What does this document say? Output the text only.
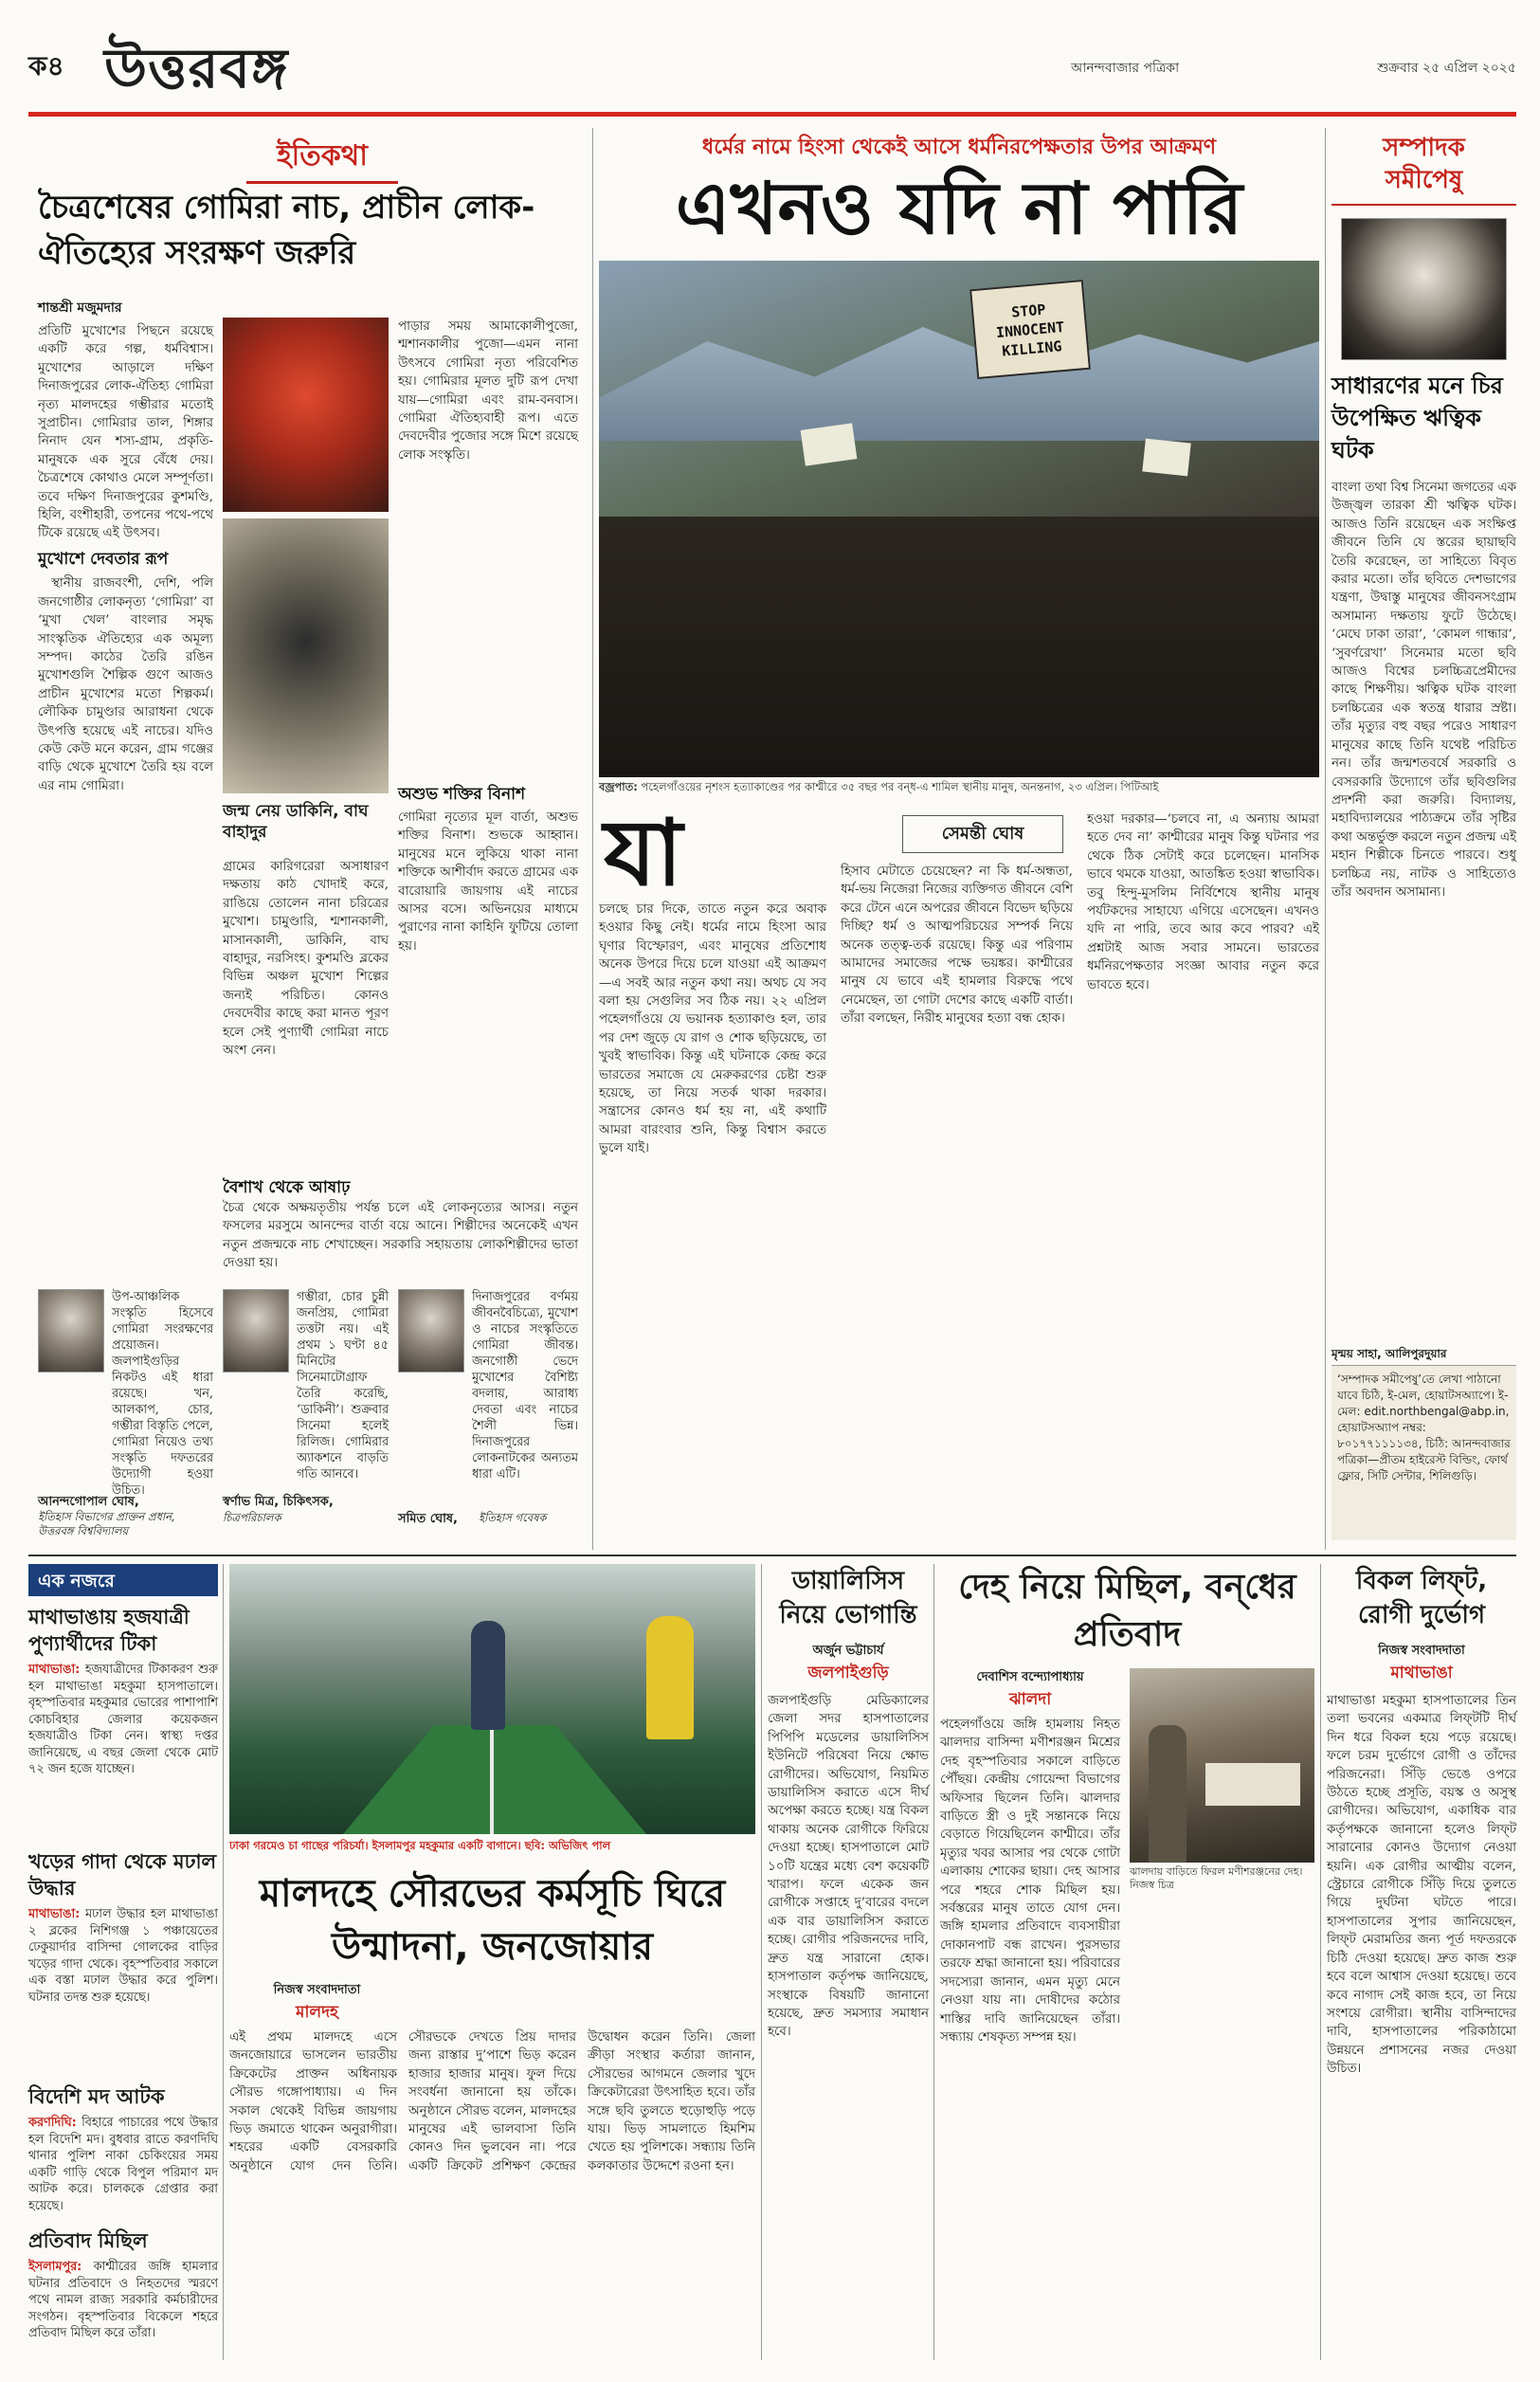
ক৪ উত্তরবঙ্গ	আনন্দবাজার পত্রিকা	শুক্রবার ২৫ এপ্রিল ২০২৫
ইতিকথা
চৈত্রশেষের গোমিরা নাচ, প্রাচীন লোক-ঐতিহ্যের সংরক্ষণ জরুরি
শান্তশ্রী মজুমদার

প্রতিটি মুখোশের পিছনে রয়েছে একটি করে গল্প, ধর্মবিশ্বাস। মুখোশের আড়ালে দক্ষিণ দিনাজপুরের লোক-ঐতিহ্য গোমিরা নৃত্য মালদহের গম্ভীরার মতোই সুপ্রাচীন। গোমিরার তাল, শিঙ্গার নিনাদ যেন শস্য-গ্রাম, প্রকৃতি-মানুষকে এক সুরে বেঁধে দেয়। চৈত্রশেষে কোথাও মেলে সম্পূর্ণতা। তবে দক্ষিণ দিনাজপুরের কুশমণ্ডি, হিলি, বংশীহারী, তপনের পথে-পথে টিকে রয়েছে এই উৎসব।

মুখোশে দেবতার রূপ

স্থানীয় রাজবংশী, দেশি, পলি জনগোষ্ঠীর লোকনৃত্য ‘গোমিরা’ বা ‘মুখা খেল’ বাংলার সমৃদ্ধ সাংস্কৃতিক ঐতিহ্যের এক অমূল্য সম্পদ। কাঠের তৈরি রঙিন মুখোশগুলি শৈল্পিক গুণে আজও প্রাচীন মুখোশের মতো শিল্পকর্ম। লৌকিক চামুণ্ডার আরাধনা থেকে উৎপত্তি হয়েছে এই নাচের। যদিও কেউ কেউ মনে করেন, গ্রাম গঞ্জের বাড়ি থেকে মুখোশে তৈরি হয় বলে এর নাম গোমিরা।

জন্ম নেয় ডাকিনি, বাঘ বাহাদুর

পাড়ার সময় আমাকোলীপুজো, শ্মশানকালীর পুজো—এমন নানা উৎসবে গোমিরা নৃত্য পরিবেশিত হয়। গোমিরার মূলত দুটি রূপ দেখা যায়—গোমিরা এবং রাম-বনবাস। গোমিরা ঐতিহ্যবাহী রূপ। এতে দেবদেবীর পুজোর সঙ্গে মিশে রয়েছে লোক সংস্কৃতি।

অশুভ শক্তির বিনাশ

গোমিরা নৃত্যের মূল বার্তা, অশুভ শক্তির বিনাশ। শুভকে আহ্বান। মানুষের মনে লুকিয়ে থাকা নানা শক্তিকে আশীর্বাদ করতে গ্রামের এক বারোয়ারি জায়গায় এই নাচের আসর বসে। অভিনয়ের মাধ্যমে পুরাণের নানা কাহিনি ফুটিয়ে তোলা হয়।

গ্রামের কারিগরেরা অসাধারণ দক্ষতায় কাঠ খোদাই করে, রাঙিয়ে তোলেন নানা চরিত্রের মুখোশ। চামুণ্ডারি, শ্মশানকালী, মাসানকালী, ডাকিনি, বাঘ বাহাদুর, নরসিংহ। কুশমণ্ডি ব্লকের বিভিন্ন অঞ্চল মুখোশ শিল্পের জন্যই পরিচিত। কোনও দেবদেবীর কাছে করা মানত পূরণ হলে সেই পুণ্যার্থী গোমিরা নাচে অংশ নেন।

বৈশাখ থেকে আষাঢ়

চৈত্র থেকে অক্ষয়তৃতীয় পর্যন্ত চলে এই লোকনৃত্যের আসর। নতুন ফসলের মরসুমে আনন্দের বার্তা বয়ে আনে। শিল্পীদের অনেকেই এখন নতুন প্রজন্মকে নাচ শেখাচ্ছেন। সরকারি সহায়তায় লোকশিল্পীদের ভাতা দেওয়া হয়।

উপ-আঞ্চলিক সংস্কৃতি হিসেবে গোমিরা সংরক্ষণের প্রয়োজন। জলপাইগুড়ির নিকটও এই ধারা রয়েছে। খন, আলকাপ, চোর, গম্ভীরা বিস্তৃতি পেলে, গোমিরা নিয়েও তথ্য সংস্কৃতি দফতরের উদ্যোগী হওয়া উচিত।
আনন্দগোপাল ঘোষ,
ইতিহাস বিভাগের প্রাক্তন প্রধান, উত্তরবঙ্গ বিশ্ববিদ্যালয়
গম্ভীরা, চোর চুন্নী জনপ্রিয়, গোমিরা তত্তটা নয়। এই প্রথম ১ ঘণ্টা ৪৫ মিনিটের সিনেমাটোগ্রাফ তৈরি করেছি, ‘ডাকিনী’। শুক্রবার সিনেমা হলেই রিলিজ। গোমিরার অ্যাকশনে বাড়তি গতি আনবে।
স্বর্ণাভ মিত্র, চিকিৎসক,
চিত্রপরিচালক
দিনাজপুরের বর্ণময় জীবনবৈচিত্র্যে, মুখোশ ও নাচের সংস্কৃতিতে গোমিরা জীবন্ত। জনগোষ্ঠী ভেদে মুখোশের বৈশিষ্ট্য বদলায়, আরাধ্য দেবতা এবং নাচের শৈলী ভিন্ন। দিনাজপুরের লোকনাটকের অন্যতম ধারা এটি।
সমিত ঘোষ, ইতিহাস গবেষক
ধর্মের নামে হিংসা থেকেই আসে ধর্মনিরপেক্ষতার উপর আক্রমণ
এখনও যদি না পারি
STOP INNOCENT KILLING
বজ্রপাত: পহেলগাঁওয়ের নৃশংস হত্যাকাণ্ডের পর কাশ্মীরে ৩৫ বছর পর বন্‌ধ-এ শামিল স্থানীয় মানুষ, অনন্তনাগ, ২৩ এপ্রিল। পিটিআই
যা	সেমন্তী ঘোষ

চলছে চার দিকে, তাতে নতুন করে অবাক হওয়ার কিছু নেই। ধর্মের নামে হিংসা আর ঘৃণার বিস্ফোরণ, এবং মানুষের প্রতিশোধ অনেক উপরে দিয়ে চলে যাওয়া এই আক্রমণ—এ সবই আর নতুন কথা নয়। অথচ যে সব বলা হয় সেগুলির সব ঠিক নয়। ২২ এপ্রিল পহেলগাঁওয়ে যে ভয়ানক হত্যাকাণ্ড হল, তার পর দেশ জুড়ে যে রাগ ও শোক ছড়িয়েছে, তা খুবই স্বাভাবিক। কিন্তু এই ঘটনাকে কেন্দ্র করে ভারতের সমাজে যে মেরুকরণের চেষ্টা শুরু হয়েছে, তা নিয়ে সতর্ক থাকা দরকার। সন্ত্রাসের কোনও ধর্ম হয় না, এই কথাটি আমরা বারংবার শুনি, কিন্তু বিশ্বাস করতে ভুলে যাই।

হিসাব মেটাতে চেয়েছেন? না কি ধর্ম-অন্ধতা, ধর্ম-ভয় নিজেরা নিজের ব্যক্তিগত জীবনে বেশি করে টেনে এনে অপরের জীবনে বিভেদ ছড়িয়ে দিচ্ছি? ধর্ম ও আত্মপরিচয়ের সম্পর্ক নিয়ে অনেক তত্ত্ব-তর্ক রয়েছে। কিন্তু এর পরিণাম আমাদের সমাজের পক্ষে ভয়ঙ্কর। কাশ্মীরের মানুষ যে ভাবে এই হামলার বিরুদ্ধে পথে নেমেছেন, তা গোটা দেশের কাছে একটি বার্তা। তাঁরা বলছেন, নিরীহ মানুষের হত্যা বন্ধ হোক।

হওয়া দরকার—‘চলবে না, এ অন্যায় আমরা হতে দেব না’ কাশ্মীরের মানুষ কিন্তু ঘটনার পর থেকে ঠিক সেটাই করে চলেছেন। মানসিক ভাবে থমকে যাওয়া, আতঙ্কিত হওয়া স্বাভাবিক। তবু হিন্দু-মুসলিম নির্বিশেষে স্থানীয় মানুষ পর্যটকদের সাহায্যে এগিয়ে এসেছেন। এখনও যদি না পারি, তবে আর কবে পারব? এই প্রশ্নটাই আজ সবার সামনে। ভারতের ধর্মনিরপেক্ষতার সংজ্ঞা আবার নতুন করে ভাবতে হবে।

সম্পাদক
সমীপেষু
সাধারণের মনে চির উপেক্ষিত ঋত্বিক ঘটক

বাংলা তথা বিশ্ব সিনেমা জগতের এক উজ্জ্বল তারকা শ্রী ঋত্বিক ঘটক। আজও তিনি রয়েছেন এক সংক্ষিপ্ত জীবনে তিনি যে স্তরের ছায়াছবি তৈরি করেছেন, তা সাহিত্যে বিবৃত করার মতো। তাঁর ছবিতে দেশভাগের যন্ত্রণা, উদ্বাস্তু মানুষের জীবনসংগ্রাম অসামান্য দক্ষতায় ফুটে উঠেছে। ‘মেঘে ঢাকা তারা’, ‘কোমল গান্ধার’, ‘সুবর্ণরেখা’ সিনেমার মতো ছবি আজও বিশ্বের চলচ্চিত্রপ্রেমীদের কাছে শিক্ষণীয়। ঋত্বিক ঘটক বাংলা চলচ্চিত্রের এক স্বতন্ত্র ধারার স্রষ্টা। তাঁর মৃত্যুর বহু বছর পরেও সাধারণ মানুষের কাছে তিনি যথেষ্ট পরিচিত নন। তাঁর জন্মশতবর্ষে সরকারি ও বেসরকারি উদ্যোগে তাঁর ছবিগুলির প্রদর্শনী করা জরুরি। বিদ্যালয়, মহাবিদ্যালয়ের পাঠ্যক্রমে তাঁর সৃষ্টির কথা অন্তর্ভুক্ত করলে নতুন প্রজন্ম এই মহান শিল্পীকে চিনতে পারবে। শুধু চলচ্চিত্র নয়, নাটক ও সাহিত্যেও তাঁর অবদান অসামান্য।

মৃন্ময় সাহা, আলিপুরদুয়ার
‘সম্পাদক সমীপেষু’তে লেখা পাঠানো যাবে চিঠি, ই-মেল, হোয়াটসঅ্যাপে। ই-মেল: edit.northbengal@abp.in, হোয়াটসঅ্যাপ নম্বর: ৮০১৭৭১১১১৩৪, চিঠি: আনন্দবাজার পত্রিকা—প্রীতম হাইরেস্ট বিল্ডিং, ফোর্থ ফ্লোর, সিটি সেন্টার, শিলিগুড়ি।
এক নজরে
মাথাভাঙায় হজযাত্রী পুণ্যার্থীদের টিকা
মাথাভাঙা: হজযাত্রীদের টিকাকরণ শুরু হল মাথাভাঙা মহকুমা হাসপাতালে। বৃহস্পতিবার মহকুমার ভোরের পাশাপাশি কোচবিহার জেলার কয়েকজন হজযাত্রীও টিকা নেন। স্বাস্থ্য দপ্তর জানিয়েছে, এ বছর জেলা থেকে মোট ৭২ জন হজে যাচ্ছেন।
খড়ের গাদা থেকে মঢাল উদ্ধার
মাথাভাঙা: মঢাল উদ্ধার হল মাথাভাঙা ২ ব্লকের নিশিগঞ্জ ১ পঞ্চায়েতের ঢেকুয়ার্দার বাসিন্দা গোলকের বাড়ির খড়ের গাদা থেকে। বৃহস্পতিবার সকালে এক বস্তা মঢাল উদ্ধার করে পুলিশ। ঘটনার তদন্ত শুরু হয়েছে।
বিদেশি মদ আটক
করণদিঘি: বিহারে পাচারের পথে উদ্ধার হল বিদেশি মদ। বুধবার রাতে করণদিঘি থানার পুলিশ নাকা চেকিংয়ের সময় একটি গাড়ি থেকে বিপুল পরিমাণ মদ আটক করে। চালককে গ্রেপ্তার করা হয়েছে।
প্রতিবাদ মিছিল
ইসলামপুর: কাশ্মীরের জঙ্গি হামলার ঘটনার প্রতিবাদে ও নিহতদের স্মরণে পথে নামল রাজ্য সরকারি কর্মচারীদের সংগঠন। বৃহস্পতিবার বিকেলে শহরে প্রতিবাদ মিছিল করে তাঁরা।
ঢাকা গরমেও চা গাছের পরিচর্যা। ইসলামপুর মহকুমার একটি বাগানে। ছবি: অভিজিৎ পাল
মালদহে সৌরভের কর্মসূচি ঘিরে উন্মাদনা, জনজোয়ার
নিজস্ব সংবাদদাতা
মালদহ

এই প্রথম মালদহে এসে জনজোয়ারে ভাসলেন ভারতীয় ক্রিকেটের প্রাক্তন অধিনায়ক সৌরভ গঙ্গোপাধ্যায়। এ দিন সকাল থেকেই বিভিন্ন জায়গায় ভিড় জমাতে থাকেন অনুরাগীরা। শহরের একটি বেসরকারি অনুষ্ঠানে যোগ দেন তিনি। সৌরভকে দেখতে প্রিয় দাদার জন্য রাস্তার দু’পাশে ভিড় করেন হাজার হাজার মানুষ। ফুল দিয়ে সংবর্ধনা জানানো হয় তাঁকে। অনুষ্ঠানে সৌরভ বলেন, মালদহের মানুষের এই ভালবাসা তিনি কোনও দিন ভুলবেন না। পরে একটি ক্রিকেট প্রশিক্ষণ কেন্দ্রের উদ্বোধন করেন তিনি। জেলা ক্রীড়া সংস্থার কর্তারা জানান, সৌরভের আগমনে জেলার খুদে ক্রিকেটারেরা উৎসাহিত হবে। তাঁর সঙ্গে ছবি তুলতে হুড়োহুড়ি পড়ে যায়। ভিড় সামলাতে হিমশিম খেতে হয় পুলিশকে। সন্ধ্যায় তিনি কলকাতার উদ্দেশে রওনা হন।

ডায়ালিসিস নিয়ে ভোগান্তি
অর্জুন ভট্টাচার্য
জলপাইগুড়ি

জলপাইগুড়ি মেডিক্যালের জেলা সদর হাসপাতালের পিপিপি মডেলের ডায়ালিসিস ইউনিটে পরিষেবা নিয়ে ক্ষোভ রোগীদের। অভিযোগ, নিয়মিত ডায়ালিসিস করাতে এসে দীর্ঘ অপেক্ষা করতে হচ্ছে। যন্ত্র বিকল থাকায় অনেক রোগীকে ফিরিয়ে দেওয়া হচ্ছে। হাসপাতালে মোট ১০টি যন্ত্রের মধ্যে বেশ কয়েকটি খারাপ। ফলে একেক জন রোগীকে সপ্তাহে দু’বারের বদলে এক বার ডায়ালিসিস করাতে হচ্ছে। রোগীর পরিজনদের দাবি, দ্রুত যন্ত্র সারানো হোক। হাসপাতাল কর্তৃপক্ষ জানিয়েছে, সংস্থাকে বিষয়টি জানানো হয়েছে, দ্রুত সমস্যার সমাধান হবে।

দেহ নিয়ে মিছিল, বন্‌ধের প্রতিবাদ
দেবাশিস বন্দ্যোপাধ্যায়
ঝালদা
ঝালদায় বাড়িতে ফিরল মণীশরঞ্জনের দেহ। নিজস্ব চিত্র

পহেলগাঁওয়ে জঙ্গি হামলায় নিহত ঝালদার বাসিন্দা মণীশরঞ্জন মিশ্রের দেহ বৃহস্পতিবার সকালে বাড়িতে পৌঁছয়। কেন্দ্রীয় গোয়েন্দা বিভাগের অফিসার ছিলেন তিনি। ঝালদার বাড়িতে স্ত্রী ও দুই সন্তানকে নিয়ে বেড়াতে গিয়েছিলেন কাশ্মীরে। তাঁর মৃত্যুর খবর আসার পর থেকে গোটা এলাকায় শোকের ছায়া। দেহ আসার পরে শহরে শোক মিছিল হয়। সর্বস্তরের মানুষ তাতে যোগ দেন। জঙ্গি হামলার প্রতিবাদে ব্যবসায়ীরা দোকানপাট বন্ধ রাখেন। পুরসভার তরফে শ্রদ্ধা জানানো হয়। পরিবারের সদস্যেরা জানান, এমন মৃত্যু মেনে নেওয়া যায় না। দোষীদের কঠোর শাস্তির দাবি জানিয়েছেন তাঁরা। সন্ধ্যায় শেষকৃত্য সম্পন্ন হয়।

বিকল লিফ্‌ট, রোগী দুর্ভোগ
নিজস্ব সংবাদদাতা
মাথাভাঙা

মাথাভাঙা মহকুমা হাসপাতালের তিন তলা ভবনের একমাত্র লিফ্‌টটি দীর্ঘ দিন ধরে বিকল হয়ে পড়ে রয়েছে। ফলে চরম দুর্ভোগে রোগী ও তাঁদের পরিজনেরা। সিঁড়ি ভেঙে ওপরে উঠতে হচ্ছে প্রসূতি, বয়স্ক ও অসুস্থ রোগীদের। অভিযোগ, একাধিক বার কর্তৃপক্ষকে জানানো হলেও লিফ্‌ট সারানোর কোনও উদ্যোগ নেওয়া হয়নি। এক রোগীর আত্মীয় বলেন, স্ট্রেচারে রোগীকে সিঁড়ি দিয়ে তুলতে গিয়ে দুর্ঘটনা ঘটতে পারে। হাসপাতালের সুপার জানিয়েছেন, লিফ্‌ট মেরামতির জন্য পূর্ত দফতরকে চিঠি দেওয়া হয়েছে। দ্রুত কাজ শুরু হবে বলে আশ্বাস দেওয়া হয়েছে। তবে কবে নাগাদ সেই কাজ হবে, তা নিয়ে সংশয়ে রোগীরা। স্থানীয় বাসিন্দাদের দাবি, হাসপাতালের পরিকাঠামো উন্নয়নে প্রশাসনের নজর দেওয়া উচিত।
